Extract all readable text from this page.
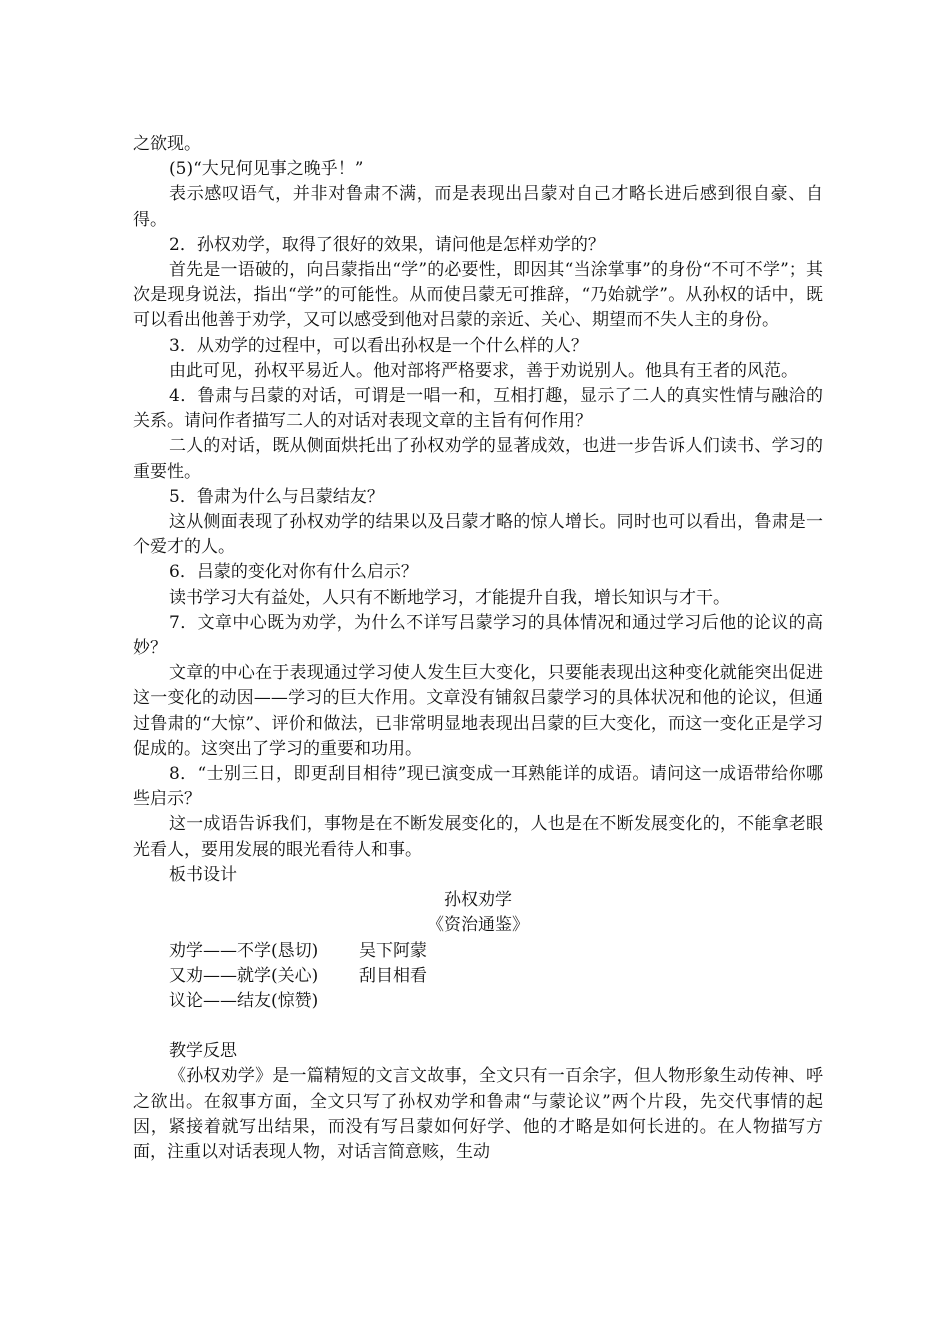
之欲现。

(5)“大兄何见事之晚乎！”

表示感叹语气，并非对鲁肃不满，而是表现出吕蒙对自己才略长进后感到很自豪、自得。

2．孙权劝学，取得了很好的效果，请问他是怎样劝学的？

首先是一语破的，向吕蒙指出“学”的必要性，即因其“当涂掌事”的身份“不可不学”；其次是现身说法，指出“学”的可能性。从而使吕蒙无可推辞，“乃始就学”。从孙权的话中，既可以看出他善于劝学，又可以感受到他对吕蒙的亲近、关心、期望而不失人主的身份。

3．从劝学的过程中，可以看出孙权是一个什么样的人？

由此可见，孙权平易近人。他对部将严格要求，善于劝说别人。他具有王者的风范。

4．鲁肃与吕蒙的对话，可谓是一唱一和，互相打趣，显示了二人的真实性情与融洽的关系。请问作者描写二人的对话对表现文章的主旨有何作用？

二人的对话，既从侧面烘托出了孙权劝学的显著成效，也进一步告诉人们读书、学习的重要性。

5．鲁肃为什么与吕蒙结友？

这从侧面表现了孙权劝学的结果以及吕蒙才略的惊人增长。同时也可以看出，鲁肃是一个爱才的人。

6．吕蒙的变化对你有什么启示？

读书学习大有益处，人只有不断地学习，才能提升自我，增长知识与才干。

7．文章中心既为劝学，为什么不详写吕蒙学习的具体情况和通过学习后他的论议的高妙？

文章的中心在于表现通过学习使人发生巨大变化，只要能表现出这种变化就能突出促进这一变化的动因——学习的巨大作用。文章没有铺叙吕蒙学习的具体状况和他的论议，但通过鲁肃的“大惊”、评价和做法，已非常明显地表现出吕蒙的巨大变化，而这一变化正是学习促成的。这突出了学习的重要和功用。

8．“士别三日，即更刮目相待”现已演变成一耳熟能详的成语。请问这一成语带给你哪些启示？

这一成语告诉我们，事物是在不断发展变化的，人也是在不断发展变化的，不能拿老眼光看人，要用发展的眼光看待人和事。

板书设计

孙权劝学

《资治通鉴》

劝学——不学(恳切) 吴下阿蒙

又劝——就学(关心) 刮目相看

议论——结友(惊赞)

教学反思

《孙权劝学》是一篇精短的文言文故事，全文只有一百余字，但人物形象生动传神、呼之欲出。在叙事方面，全文只写了孙权劝学和鲁肃“与蒙论议”两个片段，先交代事情的起因，紧接着就写出结果，而没有写吕蒙如何好学、他的才略是如何长进的。在人物描写方面，注重以对话表现人物，对话言简意赅，生动
